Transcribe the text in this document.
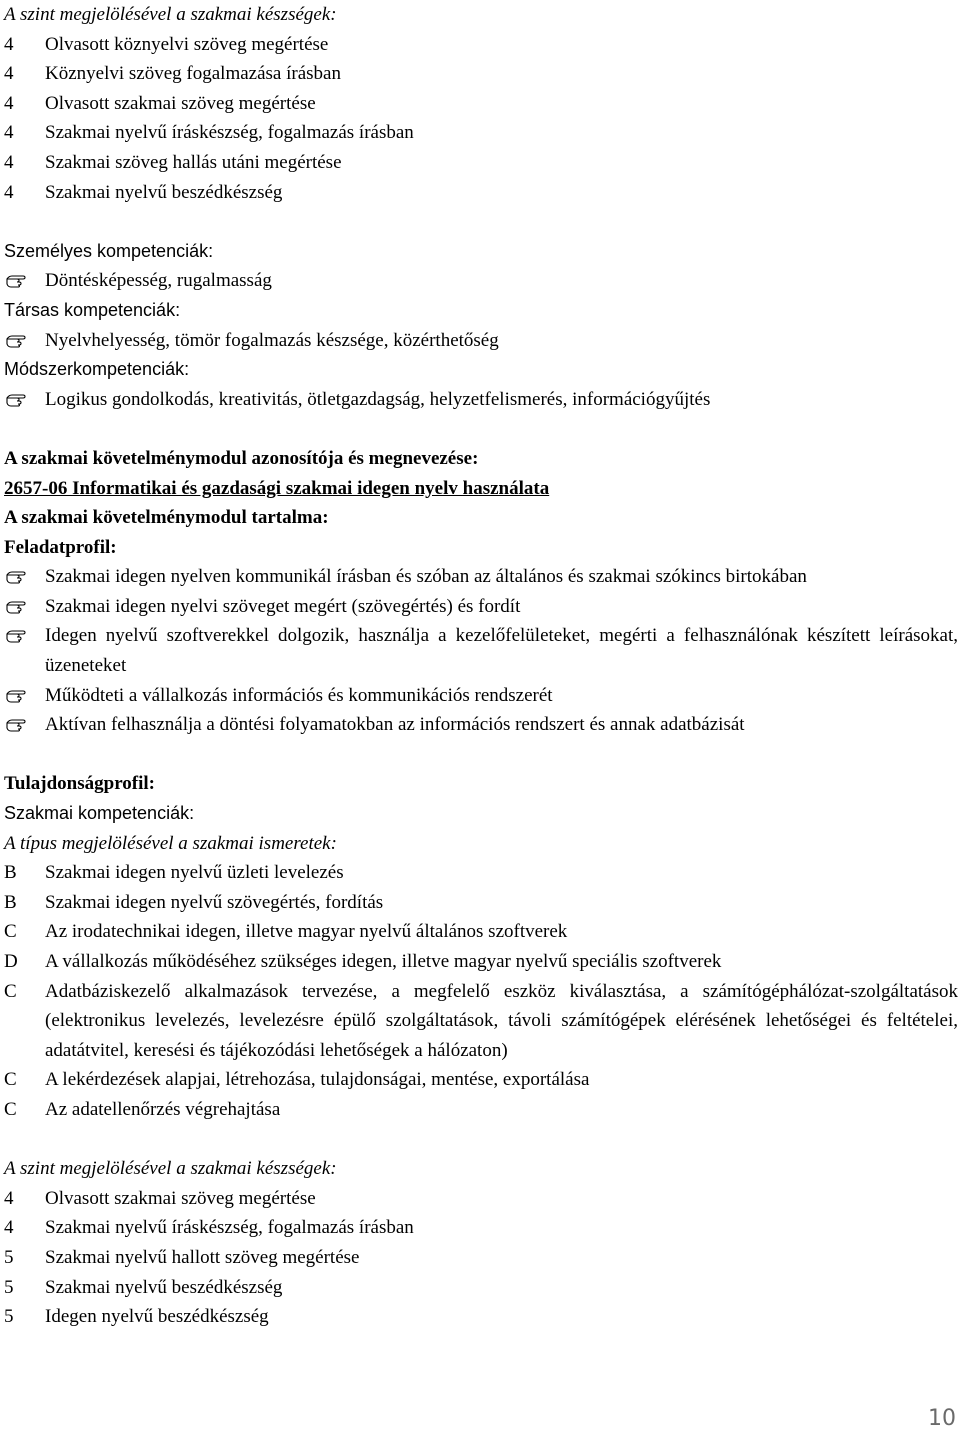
A szint megjelölésével a szakmai készségek:
4	Olvasott köznyelvi szöveg megértése
4	Köznyelvi szöveg fogalmazása írásban
4	Olvasott szakmai szöveg megértése
4	Szakmai nyelvű íráskészség, fogalmazás írásban
4	Szakmai szöveg hallás utáni megértése
4	Szakmai nyelvű beszédkészség
Személyes kompetenciák:
Döntésképesség, rugalmasság
Társas kompetenciák:
Nyelvhelyesség, tömör fogalmazás készsége, közérthetőség
Módszerkompetenciák:
Logikus gondolkodás, kreativitás, ötletgazdagság, helyzetfelismerés, információgyűjtés
A szakmai követelménymodul azonosítója és megnevezése:
2657-06 Informatikai és gazdasági szakmai idegen nyelv használata
A szakmai követelménymodul tartalma:
Feladatprofil:
Szakmai idegen nyelven kommunikál írásban és szóban az általános és szakmai szókincs birtokában
Szakmai idegen nyelvi szöveget megért (szövegértés) és fordít
Idegen nyelvű szoftverekkel dolgozik, használja a kezelőfelületeket, megérti a felhasználónak készített leírásokat, üzeneteket
Működteti a vállalkozás információs és kommunikációs rendszerét
Aktívan felhasználja a döntési folyamatokban az információs rendszert és annak adatbázisát
Tulajdonságprofil:
Szakmai kompetenciák:
A típus megjelölésével a szakmai ismeretek:
B	Szakmai idegen nyelvű üzleti levelezés
B	Szakmai idegen nyelvű szövegértés, fordítás
C	Az irodatechnikai idegen, illetve magyar nyelvű általános szoftverek
D	A vállalkozás működéséhez szükséges idegen, illetve magyar nyelvű speciális szoftverek
C	Adatbáziskezelő alkalmazások tervezése, a megfelelő eszköz kiválasztása, a számítógéphálózat-szolgáltatások (elektronikus levelezés, levelezésre épülő szolgáltatások, távoli számítógépek elérésének lehetőségei és feltételei, adatátvitel, keresési és tájékozódási lehetőségek a hálózaton)
C	A lekérdezések alapjai, létrehozása, tulajdonságai, mentése, exportálása
C	Az adatellenőrzés végrehajtása
A szint megjelölésével a szakmai készségek:
4	Olvasott szakmai szöveg megértése
4	Szakmai nyelvű íráskészség, fogalmazás írásban
5	Szakmai nyelvű hallott szöveg megértése
5	Szakmai nyelvű beszédkészség
5	Idegen nyelvű beszédkészség
10
